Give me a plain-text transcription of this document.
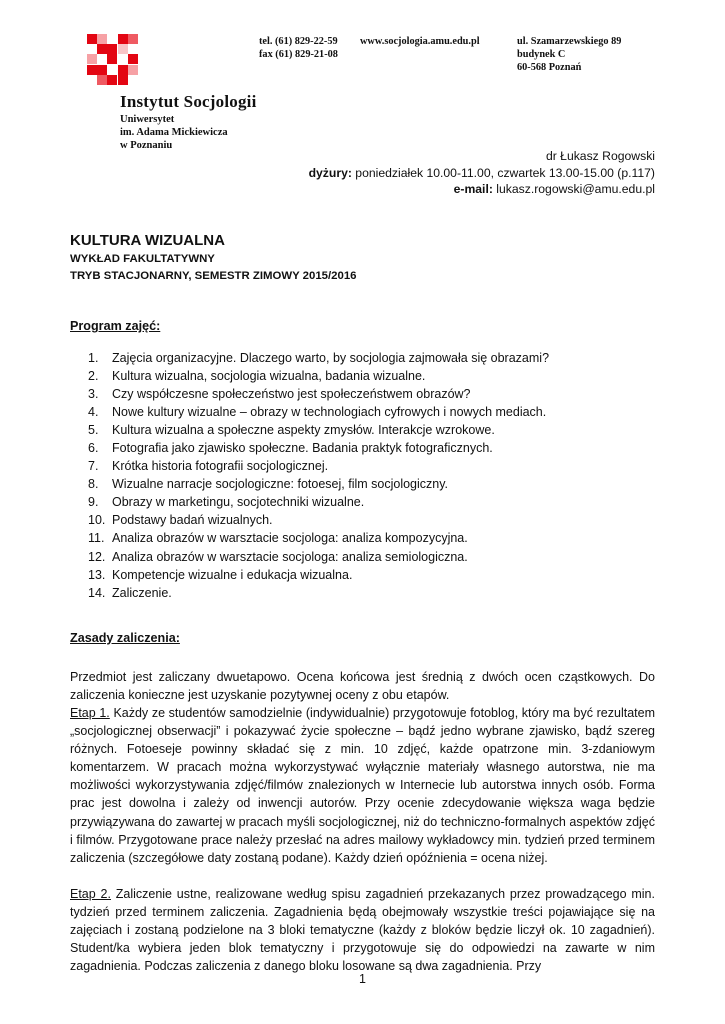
Instytut Socjologii
Uniwersytet
im. Adama Mickiewicza
w Poznaniu
tel. (61) 829-22-59
fax (61) 829-21-08
www.socjologia.amu.edu.pl	ul. Szamarzewskiego 89
budynek C
60-568 Poznań
dr Łukasz Rogowski
dyżury: poniedziałek 10.00-11.00, czwartek 13.00-15.00 (p.117)
e-mail: lukasz.rogowski@amu.edu.pl
KULTURA WIZUALNA
WYKŁAD FAKULTATYWNY
TRYB STACJONARNY, SEMESTR ZIMOWY 2015/2016
Program zajęć:
1. Zajęcia organizacyjne. Dlaczego warto, by socjologia zajmowała się obrazami?
2. Kultura wizualna, socjologia wizualna, badania wizualne.
3. Czy współczesne społeczeństwo jest społeczeństwem obrazów?
4. Nowe kultury wizualne – obrazy w technologiach cyfrowych i nowych mediach.
5. Kultura wizualna a społeczne aspekty zmysłów. Interakcje wzrokowe.
6. Fotografia jako zjawisko społeczne. Badania praktyk fotograficznych.
7. Krótka historia fotografii socjologicznej.
8. Wizualne narracje socjologiczne: fotoesej, film socjologiczny.
9. Obrazy w marketingu, socjotechniki wizualne.
10. Podstawy badań wizualnych.
11. Analiza obrazów w warsztacie socjologa: analiza kompozycyjna.
12. Analiza obrazów w warsztacie socjologa: analiza semiologiczna.
13. Kompetencje wizualne i edukacja wizualna.
14. Zaliczenie.
Zasady zaliczenia:

Przedmiot jest zaliczany dwuetapowo. Ocena końcowa jest średnią z dwóch ocen cząstkowych. Do zaliczenia konieczne jest uzyskanie pozytywnej oceny z obu etapów.

Etap 1. Każdy ze studentów samodzielnie (indywidualnie) przygotowuje fotoblog, który ma być rezultatem „socjologicznej obserwacji” i pokazywać życie społeczne – bądź jedno wybrane zjawisko, bądź szereg różnych. Fotoeseje powinny składać się z min. 10 zdjęć, każde opatrzone min. 3-zdaniowym komentarzem. W pracach można wykorzystywać wyłącznie materiały własnego autorstwa, nie ma możliwości wykorzystywania zdjęć/filmów znalezionych w Internecie lub autorstwa innych osób. Forma prac jest dowolna i zależy od inwencji autorów. Przy ocenie zdecydowanie większa waga będzie przywiązywana do zawartej w pracach myśli socjologicznej, niż do techniczno-formalnych aspektów zdjęć i filmów. Przygotowane prace należy przesłać na adres mailowy wykładowcy min. tydzień przed terminem zaliczenia (szczegółowe daty zostaną podane). Każdy dzień opóźnienia = ocena niżej.

Etap 2. Zaliczenie ustne, realizowane według spisu zagadnień przekazanych przez prowadzącego min. tydzień przed terminem zaliczenia. Zagadnienia będą obejmowały wszystkie treści pojawiające się na zajęciach i zostaną podzielone na 3 bloki tematyczne (każdy z bloków będzie liczył ok. 10 zagadnień). Student/ka wybiera jeden blok tematyczny i przygotowuje się do odpowiedzi na zawarte w nim zagadnienia. Podczas zaliczenia z danego bloku losowane są dwa zagadnienia. Przy

1
